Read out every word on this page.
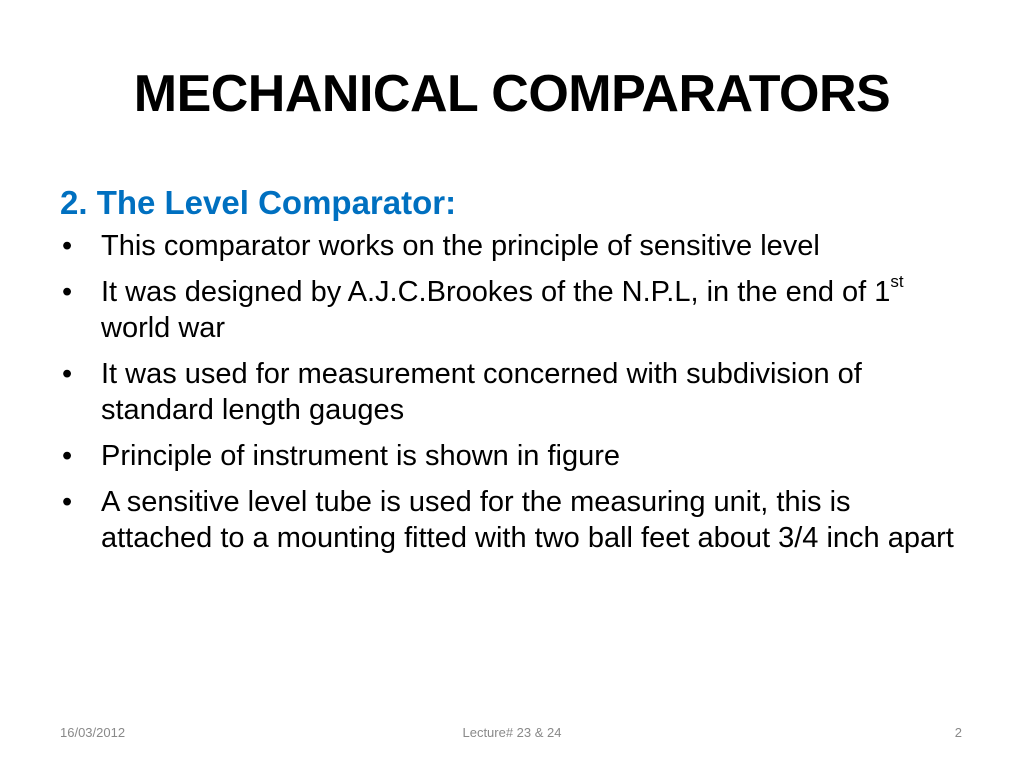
MECHANICAL COMPARATORS
2. The Level Comparator:
• This comparator works on the principle of sensitive level
• It was designed by A.J.C.Brookes of the N.P.L, in the end of 1st world war
• It was used for measurement concerned with subdivision of standard length gauges
• Principle of instrument is shown in figure
• A sensitive level tube is used for the measuring unit, this is attached to a mounting fitted with two ball feet about 3/4 inch apart
16/03/2012	Lecture# 23 & 24	2
